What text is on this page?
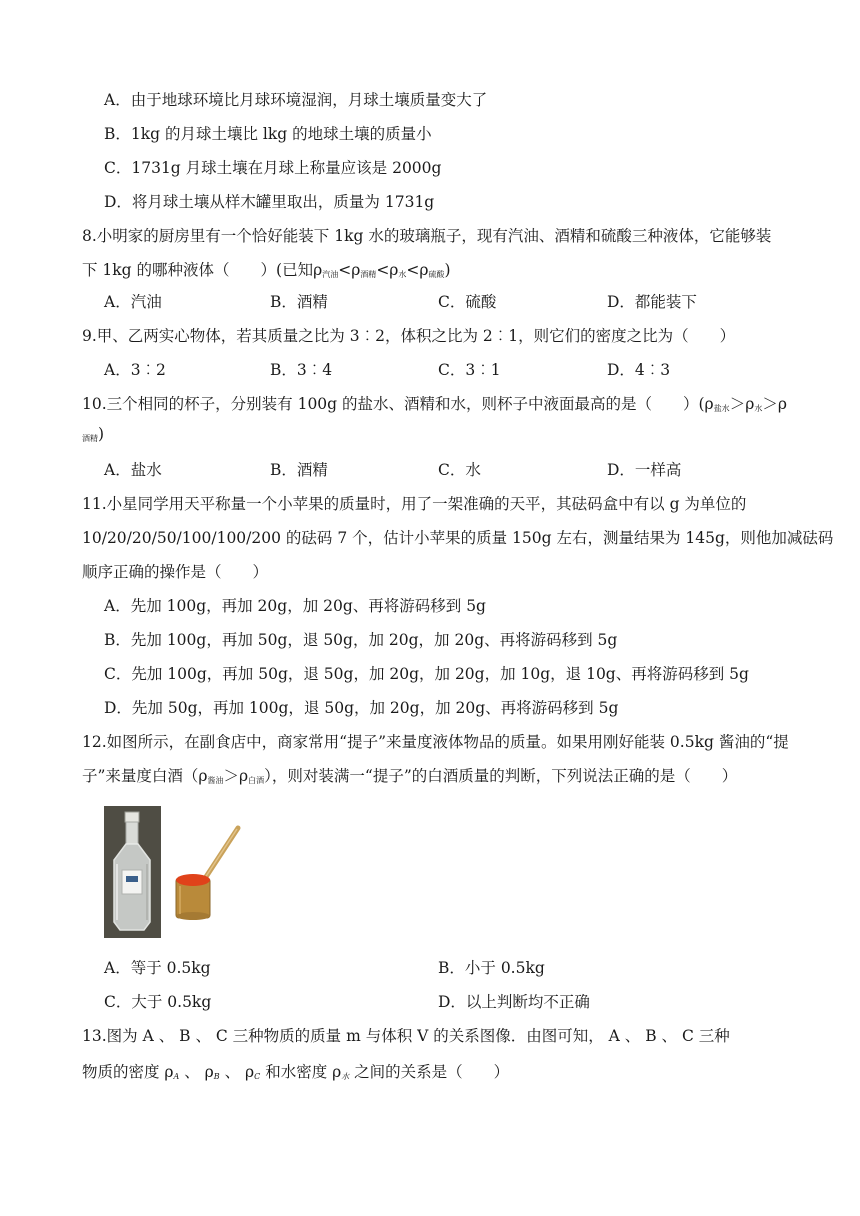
A．由于地球环境比月球环境湿润，月球土壤质量变大了
B．1kg 的月球土壤比 lkg 的地球土壤的质量小
C．1731g 月球土壤在月球上称量应该是 2000g
D．将月球土壤从样木罐里取出，质量为 1731g
8.小明家的厨房里有一个恰好能装下 1kg 水的玻璃瓶子，现有汽油、酒精和硫酸三种液体，它能够装
下 1kg 的哪种液体（　　）(已知$\rho_{汽油}<\rho_{酒精}<\rho_水<\rho_{硫酸}$)
A．汽油	B．酒精	C．硫酸	D．都能装下
9.甲、乙两实心物体，若其质量之比为 3︰2，体积之比为 2︰1，则它们的密度之比为（　　）
A．3︰2	B．3︰4	C．3︰1	D．4︰3
10.三个相同的杯子，分别装有 100g 的盐水、酒精和水，则杯子中液面最高的是（　　）($\rho_{盐水}>\rho_水>\rho$
$_{酒精}$)
A．盐水	B．酒精	C．水	D．一样高
11.小星同学用天平称量一个小苹果的质量时，用了一架准确的天平，其砝码盒中有以 g 为单位的
10/20/20/50/100/100/200 的砝码 7 个，估计小苹果的质量 150g 左右，测量结果为 145g，则他加减砝码
顺序正确的操作是（　　）
A．先加 100g，再加 20g，加 20g、再将游码移到 5g
B．先加 100g，再加 50g，退 50g，加 20g，加 20g、再将游码移到 5g
C．先加 100g，再加 50g，退 50g，加 20g，加 20g，加 10g，退 10g、再将游码移到 5g
D．先加 50g，再加 100g，退 50g，加 20g，加 20g、再将游码移到 5g
12.如图所示，在副食店中，商家常用“提子”来量度液体物品的质量。如果用刚好能装 0.5kg 酱油的“提
子”来量度白酒$(\rho_{酱油}>\rho_{白酒})$，则对装满一“提子”的白酒质量的判断，下列说法正确的是（　　）
A．等于 0.5kg	B．小于 0.5kg
C．大于 0.5kg	D．以上判断均不正确
13.图为 A 、 B 、 C 三种物质的质量 m 与体积 V 的关系图像．由图可知， A 、 B 、 C 三种
物质的密度 $\rho_A$ 、 $\rho_B$ 、 $\rho_C$ 和水密度 $\rho_水$ 之间的关系是（　　）
